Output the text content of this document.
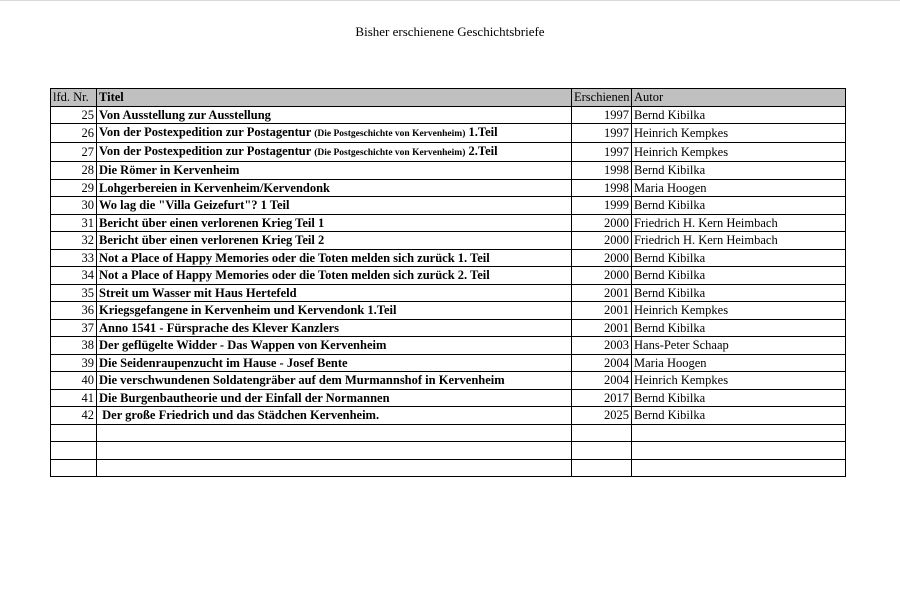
Bisher erschienene Geschichtsbriefe
lfd. Nr.	Titel	Erschienen	Autor
25	Von Ausstellung zur Ausstellung	1997	Bernd Kibilka
26	Von der Postexpedition zur Postagentur (Die Postgeschichte von Kervenheim) 1.Teil	1997	Heinrich Kempkes
27	Von der Postexpedition zur Postagentur (Die Postgeschichte von Kervenheim) 2.Teil	1997	Heinrich Kempkes
28	Die Römer in Kervenheim	1998	Bernd Kibilka
29	Lohgerbereien in Kervenheim/Kervendonk	1998	Maria Hoogen
30	Wo lag die "Villa Geizefurt"? 1 Teil	1999	Bernd Kibilka
31	Bericht über einen verlorenen Krieg Teil 1	2000	Friedrich H. Kern Heimbach
32	Bericht über einen verlorenen Krieg Teil 2	2000	Friedrich H. Kern Heimbach
33	Not a Place of Happy Memories oder die Toten melden sich zurück 1. Teil	2000	Bernd Kibilka
34	Not a Place of Happy Memories oder die Toten melden sich zurück 2. Teil	2000	Bernd Kibilka
35	Streit um Wasser mit Haus Hertefeld	2001	Bernd Kibilka
36	Kriegsgefangene in Kervenheim und Kervendonk 1.Teil	2001	Heinrich Kempkes
37	Anno 1541 - Fürsprache des Klever Kanzlers	2001	Bernd Kibilka
38	Der geflügelte Widder - Das Wappen von Kervenheim	2003	Hans-Peter Schaap
39	Die Seidenraupenzucht im Hause - Josef Bente	2004	Maria Hoogen
40	Die verschwundenen Soldatengräber auf dem Murmannshof in Kervenheim	2004	Heinrich Kempkes
41	Die Burgenbautheorie und der Einfall der Normannen	2017	Bernd Kibilka
42	Der große Friedrich und das Städchen Kervenheim.	2025	Bernd Kibilka
